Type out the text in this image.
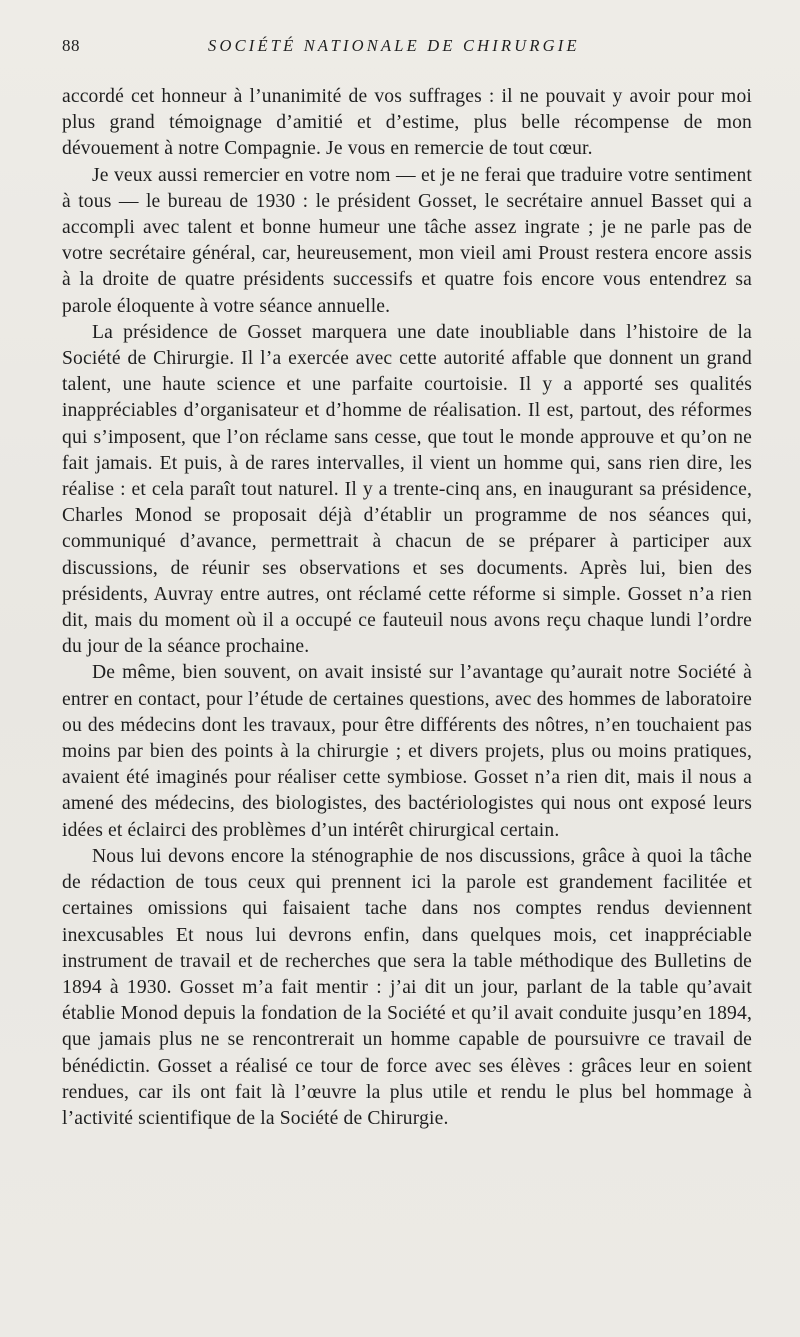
88	SOCIÉTÉ NATIONALE DE CHIRURGIE

accordé cet honneur à l’unanimité de vos suffrages : il ne pouvait y avoir pour moi plus grand témoignage d’amitié et d’estime, plus belle récompense de mon dévouement à notre Compagnie. Je vous en remercie de tout cœur.

Je veux aussi remercier en votre nom — et je ne ferai que traduire votre sentiment à tous — le bureau de 1930 : le président Gosset, le secrétaire annuel Basset qui a accompli avec talent et bonne humeur une tâche assez ingrate ; je ne parle pas de votre secrétaire général, car, heureusement, mon vieil ami Proust restera encore assis à la droite de quatre présidents successifs et quatre fois encore vous entendrez sa parole éloquente à votre séance annuelle.

La présidence de Gosset marquera une date inoubliable dans l’histoire de la Société de Chirurgie. Il l’a exercée avec cette autorité affable que donnent un grand talent, une haute science et une parfaite courtoisie. Il y a apporté ses qualités inappréciables d’organisateur et d’homme de réalisation. Il est, partout, des réformes qui s’imposent, que l’on réclame sans cesse, que tout le monde approuve et qu’on ne fait jamais. Et puis, à de rares intervalles, il vient un homme qui, sans rien dire, les réalise : et cela paraît tout naturel. Il y a trente-cinq ans, en inaugurant sa présidence, Charles Monod se proposait déjà d’établir un programme de nos séances qui, communiqué d’avance, permettrait à chacun de se préparer à participer aux discussions, de réunir ses observations et ses documents. Après lui, bien des présidents, Auvray entre autres, ont réclamé cette réforme si simple. Gosset n’a rien dit, mais du moment où il a occupé ce fauteuil nous avons reçu chaque lundi l’ordre du jour de la séance prochaine.

De même, bien souvent, on avait insisté sur l’avantage qu’aurait notre Société à entrer en contact, pour l’étude de certaines questions, avec des hommes de laboratoire ou des médecins dont les travaux, pour être différents des nôtres, n’en touchaient pas moins par bien des points à la chirurgie ; et divers projets, plus ou moins pratiques, avaient été imaginés pour réaliser cette symbiose. Gosset n’a rien dit, mais il nous a amené des médecins, des biologistes, des bactériologistes qui nous ont exposé leurs idées et éclairci des problèmes d’un intérêt chirurgical certain.

Nous lui devons encore la sténographie de nos discussions, grâce à quoi la tâche de rédaction de tous ceux qui prennent ici la parole est grandement facilitée et certaines omissions qui faisaient tache dans nos comptes rendus deviennent inexcusables Et nous lui devrons enfin, dans quelques mois, cet inappréciable instrument de travail et de recherches que sera la table méthodique des Bulletins de 1894 à 1930. Gosset m’a fait mentir : j’ai dit un jour, parlant de la table qu’avait établie Monod depuis la fondation de la Société et qu’il avait conduite jusqu’en 1894, que jamais plus ne se rencontrerait un homme capable de poursuivre ce travail de bénédictin. Gosset a réalisé ce tour de force avec ses élèves : grâces leur en soient rendues, car ils ont fait là l’œuvre la plus utile et rendu le plus bel hommage à l’activité scientifique de la Société de Chirurgie.
